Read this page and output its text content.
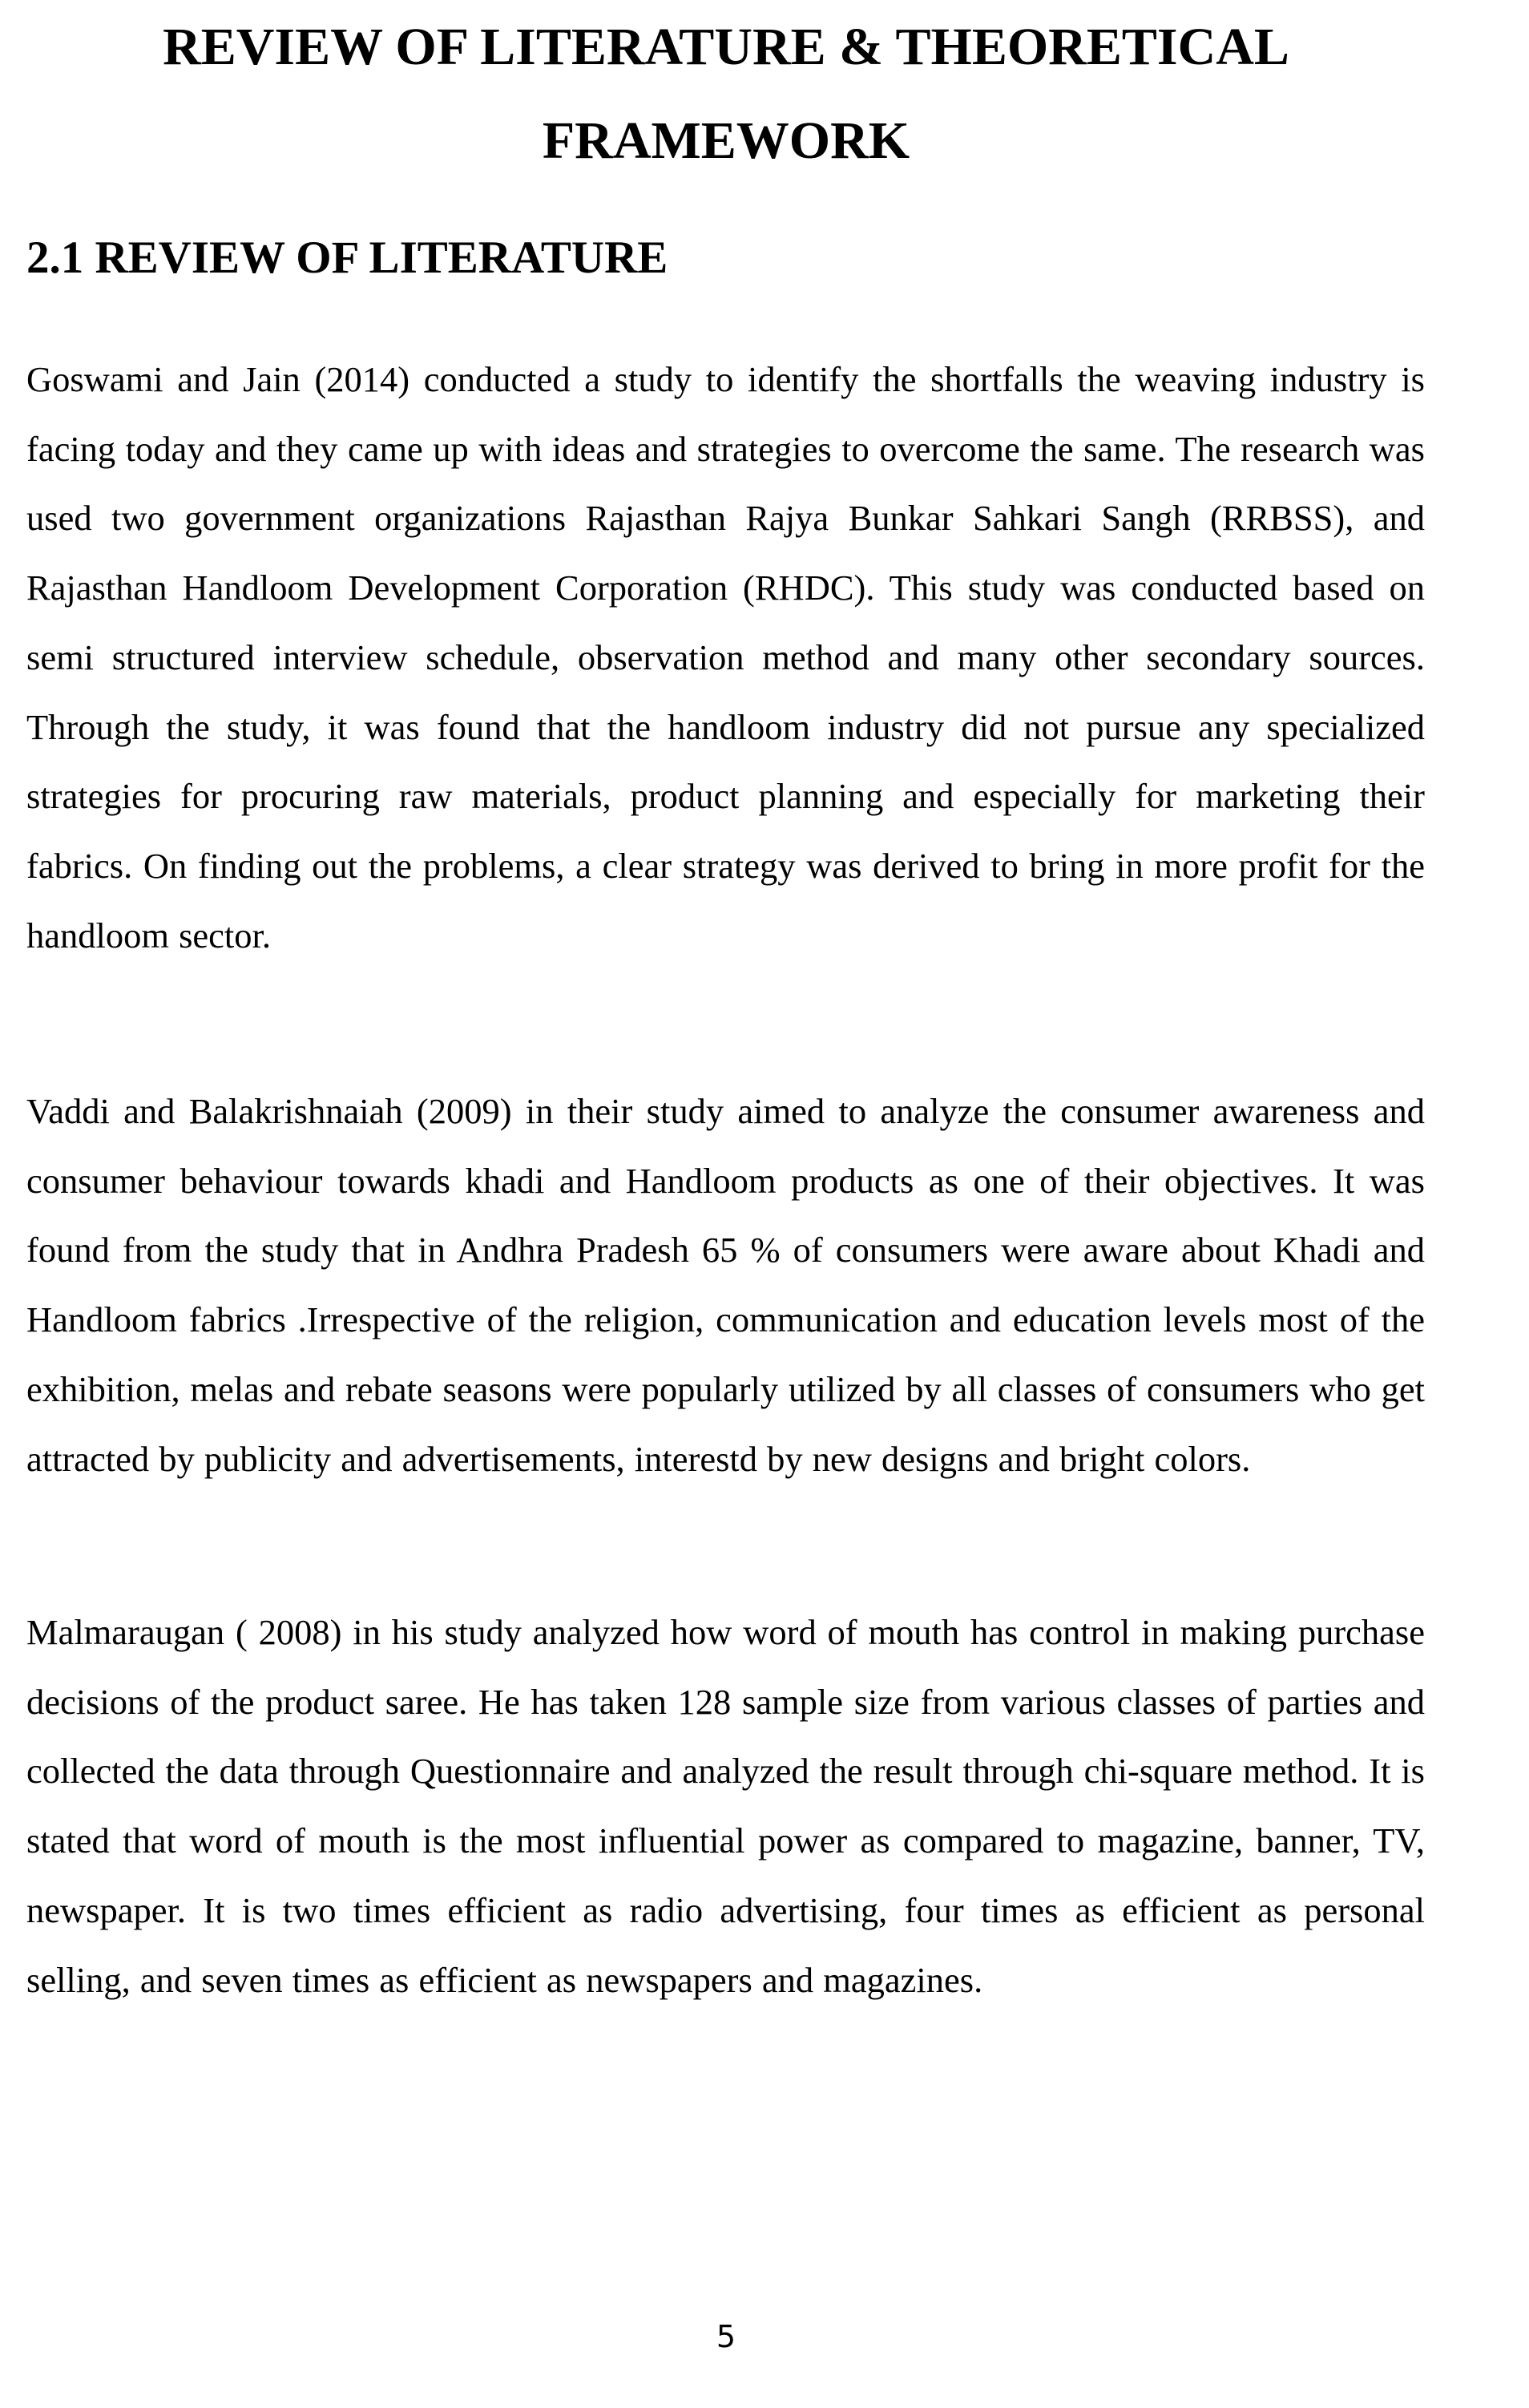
REVIEW OF LITERATURE & THEORETICAL
FRAMEWORK
2.1 REVIEW OF LITERATURE

Goswami and Jain (2014) conducted a study to identify the shortfalls the weaving industry is facing today and they came up with ideas and strategies to overcome the same. The research was used two government organizations Rajasthan Rajya Bunkar Sahkari Sangh (RRBSS), and Rajasthan Handloom Development Corporation (RHDC). This study was conducted based on semi structured interview schedule, observation method and many other secondary sources. Through the study, it was found that the handloom industry did not pursue any specialized strategies for procuring raw materials, product planning and especially for marketing their fabrics. On finding out the problems, a clear strategy was derived to bring in more profit for the handloom sector.

Vaddi and Balakrishnaiah (2009) in their study aimed to analyze the consumer awareness and consumer behaviour towards khadi and Handloom products as one of their objectives. It was found from the study that in Andhra Pradesh 65 % of consumers were aware about Khadi and Handloom fabrics .Irrespective of the religion, communication and education levels most of the exhibition, melas and rebate seasons were popularly utilized by all classes of consumers who get attracted by publicity and advertisements, interestd by new designs and bright colors.

Malmaraugan ( 2008) in his study analyzed how word of mouth has control in making purchase decisions of the product saree. He has taken 128 sample size from various classes of parties and collected the data through Questionnaire and analyzed the result through chi-square method. It is stated that word of mouth is the most influential power as compared to magazine, banner, TV, newspaper. It is two times efficient as radio advertising, four times as efficient as personal selling, and seven times as efficient as newspapers and magazines.

5
